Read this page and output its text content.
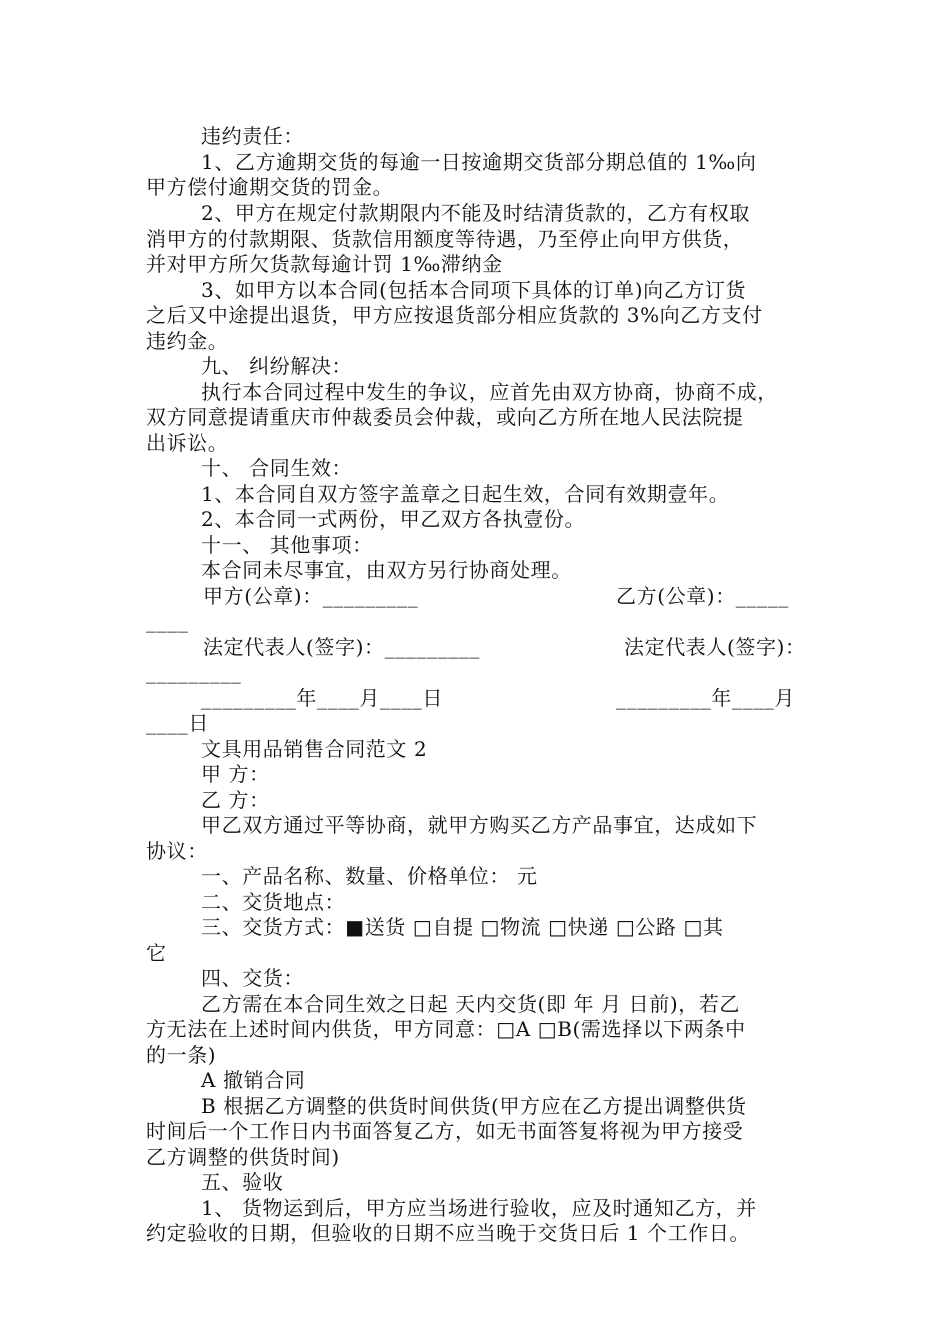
违约责任：
1、乙方逾期交货的每逾一日按逾期交货部分期总值的 1‰向
甲方偿付逾期交货的罚金。
2、甲方在规定付款期限内不能及时结清货款的，乙方有权取
消甲方的付款期限、货款信用额度等待遇，乃至停止向甲方供货，
并对甲方所欠货款每逾计罚 1‰滞纳金
3、如甲方以本合同(包括本合同项下具体的订单)向乙方订货
之后又中途提出退货，甲方应按退货部分相应货款的 3%向乙方支付
违约金。
九、 纠纷解决：
执行本合同过程中发生的争议，应首先由双方协商，协商不成，
双方同意提请重庆市仲裁委员会仲裁，或向乙方所在地人民法院提
出诉讼。
十、 合同生效：
1、本合同自双方签字盖章之日起生效，合同有效期壹年。
2、本合同一式两份，甲乙双方各执壹份。
十一、 其他事项：
本合同未尽事宜，由双方另行协商处理。
甲方(公章)：_________	乙方(公章)：_____
____
法定代表人(签字)：_________	法定代表人(签字)：
_________
_________年____月____日	_________年____月
____日
文具用品销售合同范文 2
甲 方：
乙 方：
甲乙双方通过平等协商，就甲方购买乙方产品事宜，达成如下
协议：
一、产品名称、数量、价格单位： 元
二、交货地点：
三、交货方式：■送货 □自提 □物流 □快递 □公路 □其
它
四、交货：
乙方需在本合同生效之日起 天内交货(即 年 月 日前)，若乙
方无法在上述时间内供货，甲方同意：□A □B(需选择以下两条中
的一条)
A 撤销合同
B 根据乙方调整的供货时间供货(甲方应在乙方提出调整供货
时间后一个工作日内书面答复乙方，如无书面答复将视为甲方接受
乙方调整的供货时间)
五、验收
1、 货物运到后，甲方应当场进行验收，应及时通知乙方，并
约定验收的日期，但验收的日期不应当晚于交货日后 1 个工作日。
